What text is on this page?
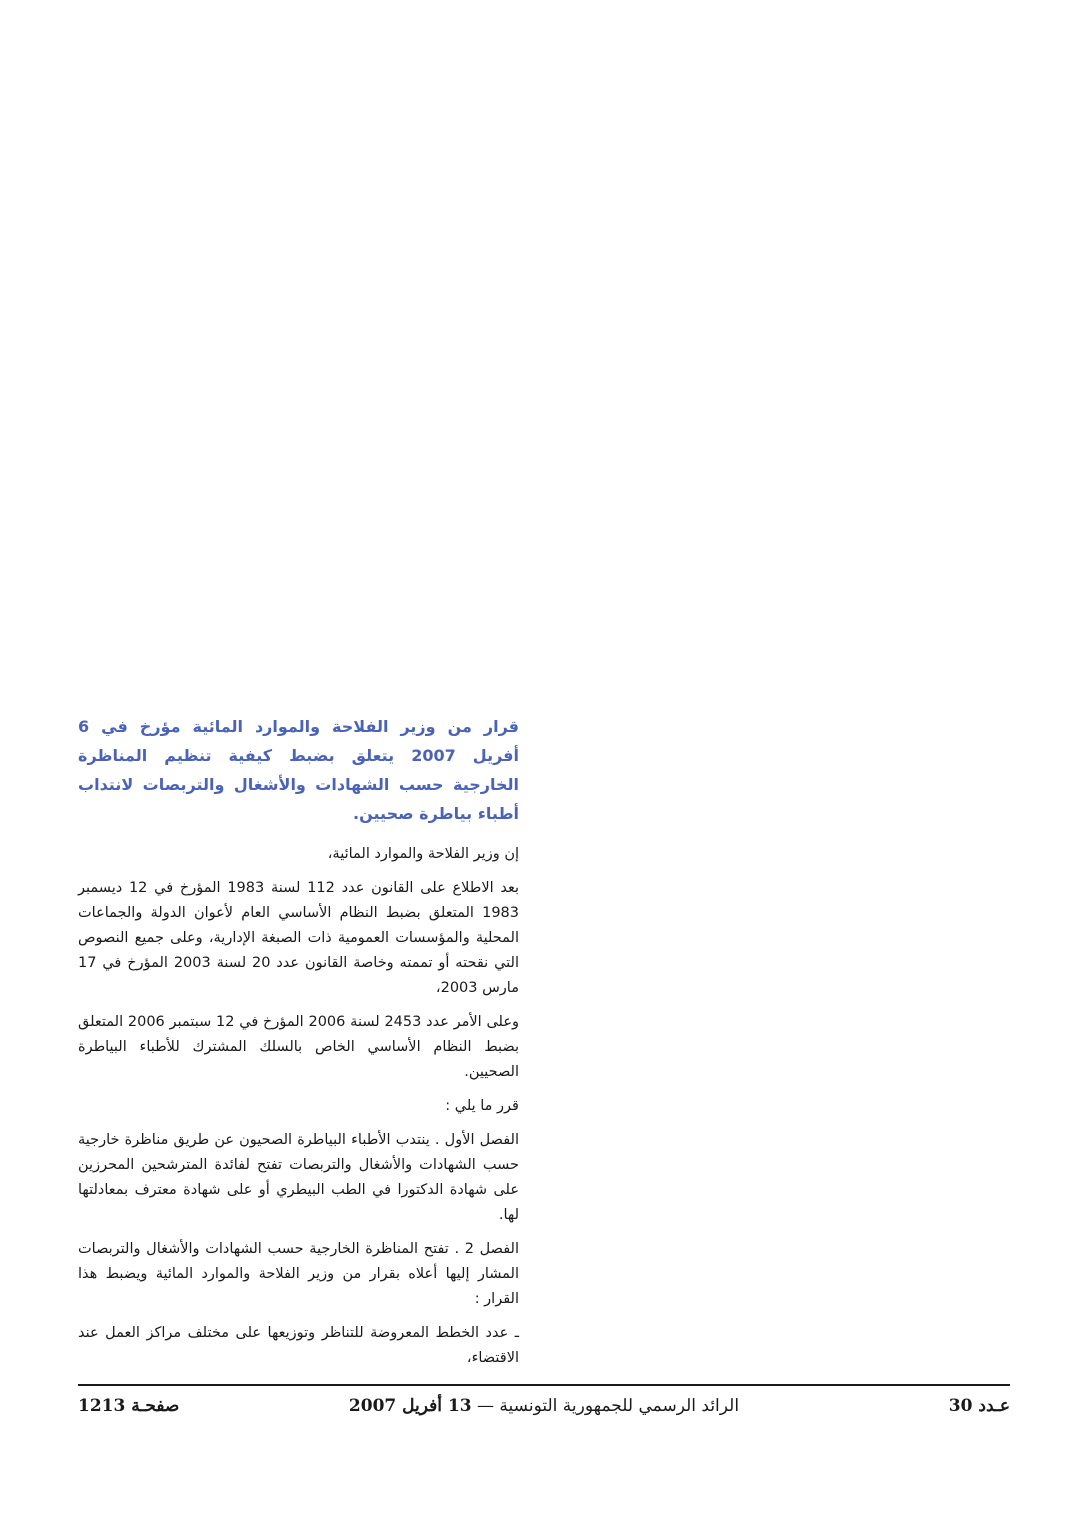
قرار من وزير الفلاحة والموارد المائية مؤرخ في 6 أفريل 2007 يتعلق بضبط كيفية تنظيم المناظرة الخارجية حسب الشهادات والأشغال والتربصات لانتداب أطباء بياطرة صحيين.

إن وزير الفلاحة والموارد المائية،

بعد الاطلاع على القانون عدد 112 لسنة 1983 المؤرخ في 12 ديسمبر 1983 المتعلق بضبط النظام الأساسي العام لأعوان الدولة والجماعات المحلية والمؤسسات العمومية ذات الصبغة الإدارية، وعلى جميع النصوص التي نقحته أو تممته وخاصة القانون عدد 20 لسنة 2003 المؤرخ في 17 مارس 2003،

وعلى الأمر عدد 2453 لسنة 2006 المؤرخ في 12 سبتمبر 2006 المتعلق بضبط النظام الأساسي الخاص بالسلك المشترك للأطباء البياطرة الصحيين.

قرر ما يلي :

الفصل الأول . ينتدب الأطباء البياطرة الصحيون عن طريق مناظرة خارجية حسب الشهادات والأشغال والتربصات تفتح لفائدة المترشحين المحرزين على شهادة الدكتورا في الطب البيطري أو على شهادة معترف بمعادلتها لها.

الفصل 2 . تفتح المناظرة الخارجية حسب الشهادات والأشغال والتربصات المشار إليها أعلاه بقرار من وزير الفلاحة والموارد المائية ويضبط هذا القرار :

ـ عدد الخطط المعروضة للتناظر وتوزيعها على مختلف مراكز العمل عند الاقتضاء،

عـدد 30
الرائد الرسمي للجمهورية التونسية — 13 أفريل 2007
صفحـة 1213
